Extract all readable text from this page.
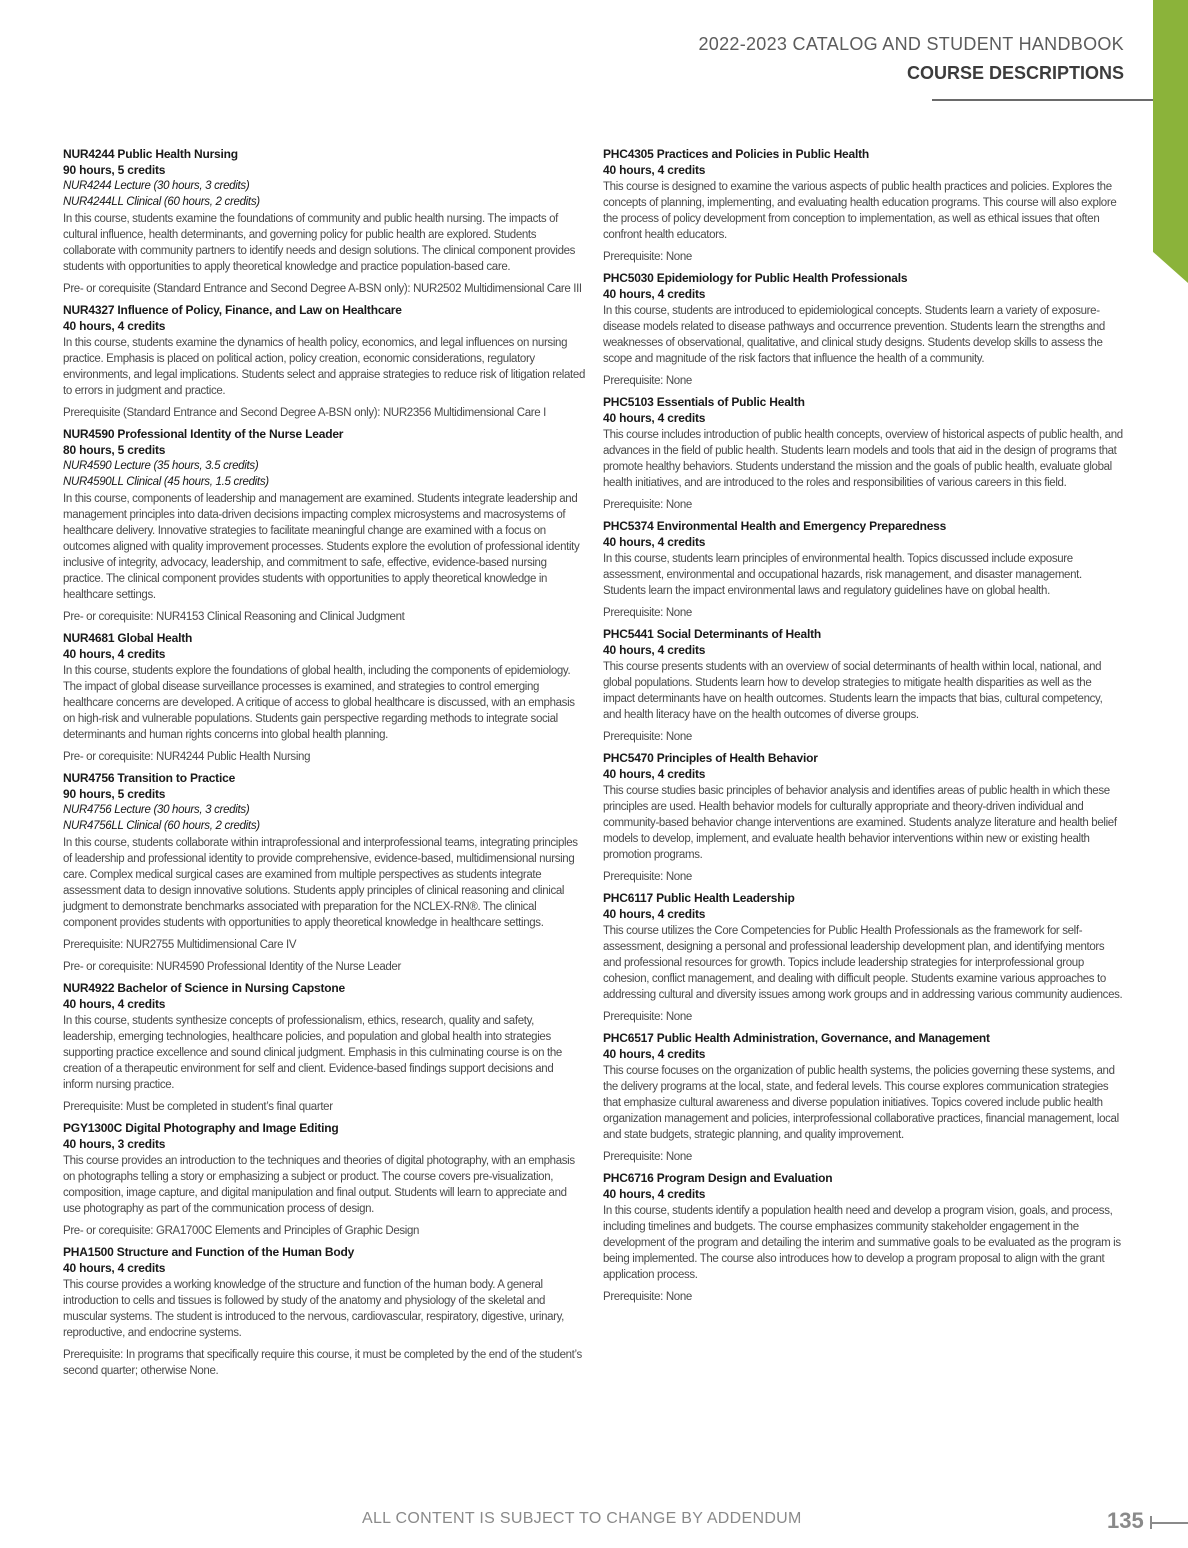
2022-2023 CATALOG AND STUDENT HANDBOOK
COURSE DESCRIPTIONS
NUR4244 Public Health Nursing
90 hours, 5 credits
NUR4244 Lecture (30 hours, 3 credits)
NUR4244LL Clinical (60 hours, 2 credits)
In this course, students examine the foundations of community and public health nursing. The impacts of cultural influence, health determinants, and governing policy for public health are explored. Students collaborate with community partners to identify needs and design solutions. The clinical component provides students with opportunities to apply theoretical knowledge and practice population-based care.
Pre- or corequisite (Standard Entrance and Second Degree A-BSN only): NUR2502 Multidimensional Care III
NUR4327 Influence of Policy, Finance, and Law on Healthcare
40 hours, 4 credits
In this course, students examine the dynamics of health policy, economics, and legal influences on nursing practice. Emphasis is placed on political action, policy creation, economic considerations, regulatory environments, and legal implications. Students select and appraise strategies to reduce risk of litigation related to errors in judgment and practice.
Prerequisite (Standard Entrance and Second Degree A-BSN only): NUR2356 Multidimensional Care I
NUR4590 Professional Identity of the Nurse Leader
80 hours, 5 credits
NUR4590 Lecture (35 hours, 3.5 credits)
NUR4590LL Clinical (45 hours, 1.5 credits)
In this course, components of leadership and management are examined. Students integrate leadership and management principles into data-driven decisions impacting complex microsystems and macrosystems of healthcare delivery. Innovative strategies to facilitate meaningful change are examined with a focus on outcomes aligned with quality improvement processes. Students explore the evolution of professional identity inclusive of integrity, advocacy, leadership, and commitment to safe, effective, evidence-based nursing practice. The clinical component provides students with opportunities to apply theoretical knowledge in healthcare settings.
Pre- or corequisite: NUR4153 Clinical Reasoning and Clinical Judgment
NUR4681 Global Health
40 hours, 4 credits
In this course, students explore the foundations of global health, including the components of epidemiology. The impact of global disease surveillance processes is examined, and strategies to control emerging healthcare concerns are developed. A critique of access to global healthcare is discussed, with an emphasis on high-risk and vulnerable populations. Students gain perspective regarding methods to integrate social determinants and human rights concerns into global health planning.
Pre- or corequisite: NUR4244 Public Health Nursing
NUR4756 Transition to Practice
90 hours, 5 credits
NUR4756 Lecture (30 hours, 3 credits)
NUR4756LL Clinical (60 hours, 2 credits)
In this course, students collaborate within intraprofessional and interprofessional teams, integrating principles of leadership and professional identity to provide comprehensive, evidence-based, multidimensional nursing care. Complex medical surgical cases are examined from multiple perspectives as students integrate assessment data to design innovative solutions. Students apply principles of clinical reasoning and clinical judgment to demonstrate benchmarks associated with preparation for the NCLEX-RN®. The clinical component provides students with opportunities to apply theoretical knowledge in healthcare settings.
Prerequisite: NUR2755 Multidimensional Care IV
Pre- or corequisite: NUR4590 Professional Identity of the Nurse Leader
NUR4922 Bachelor of Science in Nursing Capstone
40 hours, 4 credits
In this course, students synthesize concepts of professionalism, ethics, research, quality and safety, leadership, emerging technologies, healthcare policies, and population and global health into strategies supporting practice excellence and sound clinical judgment. Emphasis in this culminating course is on the creation of a therapeutic environment for self and client. Evidence-based findings support decisions and inform nursing practice.
Prerequisite: Must be completed in student’s final quarter
PGY1300C Digital Photography and Image Editing
40 hours, 3 credits
This course provides an introduction to the techniques and theories of digital photography, with an emphasis on photographs telling a story or emphasizing a subject or product. The course covers pre-visualization, composition, image capture, and digital manipulation and final output. Students will learn to appreciate and use photography as part of the communication process of design.
Pre- or corequisite: GRA1700C Elements and Principles of Graphic Design
PHA1500 Structure and Function of the Human Body
40 hours, 4 credits
This course provides a working knowledge of the structure and function of the human body. A general introduction to cells and tissues is followed by study of the anatomy and physiology of the skeletal and muscular systems. The student is introduced to the nervous, cardiovascular, respiratory, digestive, urinary, reproductive, and endocrine systems.
Prerequisite: In programs that specifically require this course, it must be completed by the end of the student’s second quarter; otherwise None.
PHC4305 Practices and Policies in Public Health
40 hours, 4 credits
This course is designed to examine the various aspects of public health practices and policies. Explores the concepts of planning, implementing, and evaluating health education programs. This course will also explore the process of policy development from conception to implementation, as well as ethical issues that often confront health educators.
Prerequisite: None
PHC5030 Epidemiology for Public Health Professionals
40 hours, 4 credits
In this course, students are introduced to epidemiological concepts. Students learn a variety of exposure-disease models related to disease pathways and occurrence prevention. Students learn the strengths and weaknesses of observational, qualitative, and clinical study designs. Students develop skills to assess the scope and magnitude of the risk factors that influence the health of a community.
Prerequisite: None
PHC5103 Essentials of Public Health
40 hours, 4 credits
This course includes introduction of public health concepts, overview of historical aspects of public health, and advances in the field of public health. Students learn models and tools that aid in the design of programs that promote healthy behaviors. Students understand the mission and the goals of public health, evaluate global health initiatives, and are introduced to the roles and responsibilities of various careers in this field.
Prerequisite: None
PHC5374 Environmental Health and Emergency Preparedness
40 hours, 4 credits
In this course, students learn principles of environmental health. Topics discussed include exposure assessment, environmental and occupational hazards, risk management, and disaster management. Students learn the impact environmental laws and regulatory guidelines have on global health.
Prerequisite: None
PHC5441 Social Determinants of Health
40 hours, 4 credits
This course presents students with an overview of social determinants of health within local, national, and global populations. Students learn how to develop strategies to mitigate health disparities as well as the impact determinants have on health outcomes. Students learn the impacts that bias, cultural competency, and health literacy have on the health outcomes of diverse groups.
Prerequisite: None
PHC5470 Principles of Health Behavior
40 hours, 4 credits
This course studies basic principles of behavior analysis and identifies areas of public health in which these principles are used. Health behavior models for culturally appropriate and theory-driven individual and community-based behavior change interventions are examined. Students analyze literature and health belief models to develop, implement, and evaluate health behavior interventions within new or existing health promotion programs.
Prerequisite: None
PHC6117 Public Health Leadership
40 hours, 4 credits
This course utilizes the Core Competencies for Public Health Professionals as the framework for self-assessment, designing a personal and professional leadership development plan, and identifying mentors and professional resources for growth. Topics include leadership strategies for interprofessional group cohesion, conflict management, and dealing with difficult people. Students examine various approaches to addressing cultural and diversity issues among work groups and in addressing various community audiences.
Prerequisite: None
PHC6517 Public Health Administration, Governance, and Management
40 hours, 4 credits
This course focuses on the organization of public health systems, the policies governing these systems, and the delivery programs at the local, state, and federal levels. This course explores communication strategies that emphasize cultural awareness and diverse population initiatives. Topics covered include public health organization management and policies, interprofessional collaborative practices, financial management, local and state budgets, strategic planning, and quality improvement.
Prerequisite: None
PHC6716 Program Design and Evaluation
40 hours, 4 credits
In this course, students identify a population health need and develop a program vision, goals, and process, including timelines and budgets. The course emphasizes community stakeholder engagement in the development of the program and detailing the interim and summative goals to be evaluated as the program is being implemented. The course also introduces how to develop a program proposal to align with the grant application process.
Prerequisite: None
ALL CONTENT IS SUBJECT TO CHANGE BY ADDENDUM	135
